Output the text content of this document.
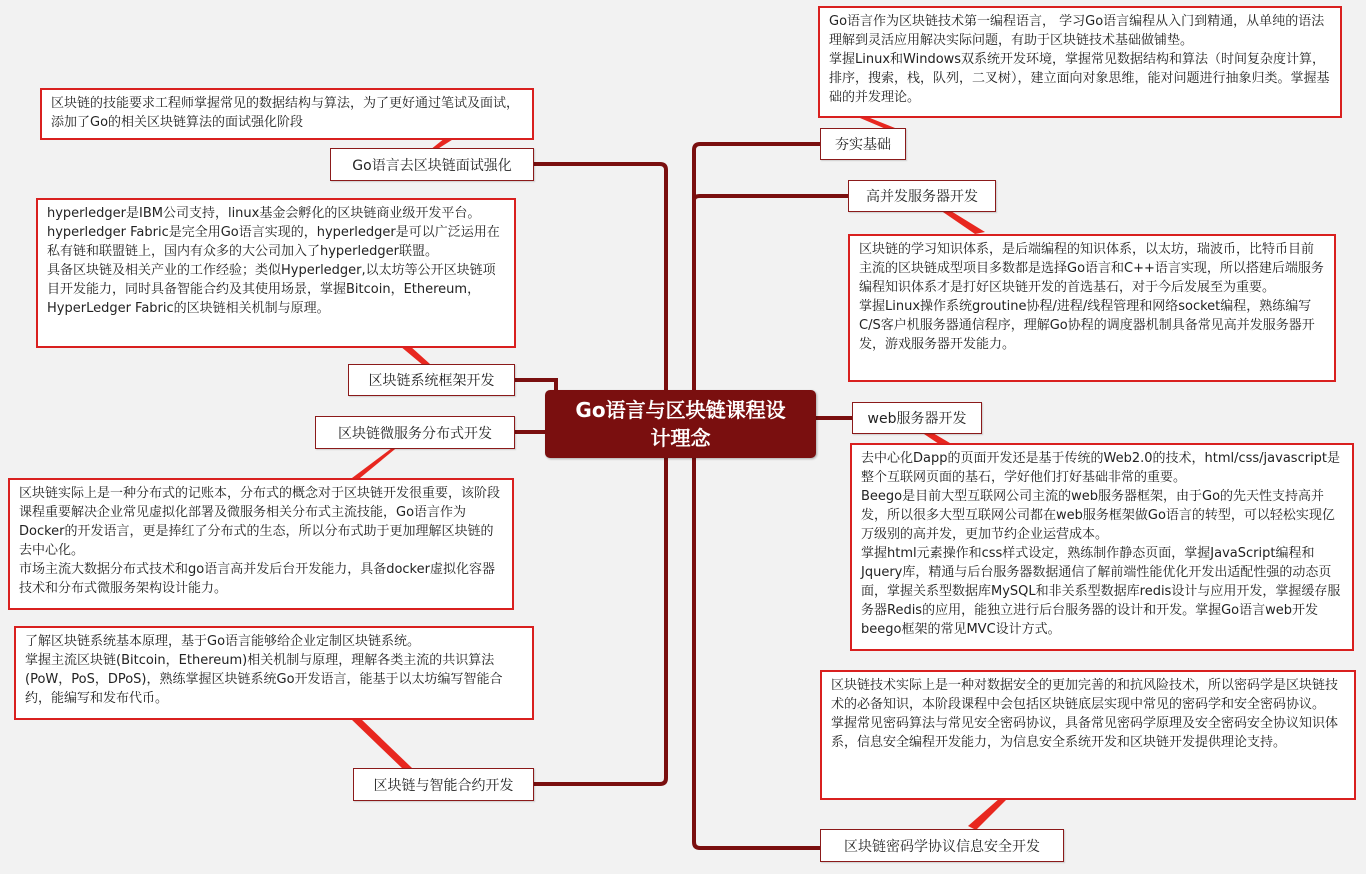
Go语言与区块链课程设计理念
夯实基础
高并发服务器开发
web服务器开发
区块链密码学协议信息安全开发
Go语言去区块链面试强化
区块链系统框架开发
区块链微服务分布式开发
区块链与智能合约开发

Go语言作为区块链技术第一编程语言， 学习Go语言编程从入门到精通，从单纯的语法理解到灵活应用解决实际问题，有助于区块链技术基础做铺垫。

掌握Linux和Windows双系统开发环境，掌握常见数据结构和算法（时间复杂度计算，排序，搜索，栈，队列，二叉树），建立面向对象思维，能对问题进行抽象归类。掌握基础的并发理论。

区块链的学习知识体系，是后端编程的知识体系，以太坊，瑞波币，比特币目前主流的区块链成型项目多数都是选择Go语言和C++语言实现，所以搭建后端服务编程知识体系才是打好区块链开发的首选基石，对于今后发展至为重要。

掌握Linux操作系统groutine协程/进程/线程管理和网络socket编程，熟练编写C/S客户机服务器通信程序，理解Go协程的调度器机制具备常见高并发服务器开发，游戏服务器开发能力。

去中心化Dapp的页面开发还是基于传统的Web2.0的技术，html/css/javascript是整个互联网页面的基石，学好他们打好基础非常的重要。

Beego是目前大型互联网公司主流的web服务器框架，由于Go的先天性支持高并发，所以很多大型互联网公司都在web服务框架做Go语言的转型，可以轻松实现亿万级别的高并发，更加节约企业运营成本。

掌握html元素操作和css样式设定，熟练制作静态页面，掌握JavaScript编程和Jquery库，精通与后台服务器数据通信了解前端性能优化开发出适配性强的动态页面，掌握关系型数据库MySQL和非关系型数据库redis设计与应用开发，掌握缓存服务器Redis的应用，能独立进行后台服务器的设计和开发。掌握Go语言web开发beego框架的常见MVC设计方式。

区块链技术实际上是一种对数据安全的更加完善的和抗风险技术，所以密码学是区块链技术的必备知识，本阶段课程中会包括区块链底层实现中常见的密码学和安全密码协议。

掌握常见密码算法与常见安全密码协议，具备常见密码学原理及安全密码安全协议知识体系，信息安全编程开发能力，为信息安全系统开发和区块链开发提供理论支持。

区块链的技能要求工程师掌握常见的数据结构与算法，为了更好通过笔试及面试，添加了Go的相关区块链算法的面试强化阶段

hyperledger是IBM公司支持，linux基金会孵化的区块链商业级开发平台。hyperledger Fabric是完全用Go语言实现的，hyperledger是可以广泛运用在私有链和联盟链上，国内有众多的大公司加入了hyperledger联盟。

具备区块链及相关产业的工作经验；类似Hyperledger,以太坊等公开区块链项目开发能力，同时具备智能合约及其使用场景，掌握Bitcoin，Ethereum，HyperLedger Fabric的区块链相关机制与原理。

区块链实际上是一种分布式的记账本，分布式的概念对于区块链开发很重要，该阶段课程重要解决企业常见虚拟化部署及微服务相关分布式主流技能，Go语言作为Docker的开发语言，更是捧红了分布式的生态，所以分布式助于更加理解区块链的去中心化。

市场主流大数据分布式技术和go语言高并发后台开发能力，具备docker虚拟化容器技术和分布式微服务架构设计能力。

了解区块链系统基本原理，基于Go语言能够给企业定制区块链系统。

掌握主流区块链(Bitcoin，Ethereum)相关机制与原理，理解各类主流的共识算法(PoW，PoS，DPoS)，熟练掌握区块链系统Go开发语言，能基于以太坊编写智能合约，能编写和发布代币。
